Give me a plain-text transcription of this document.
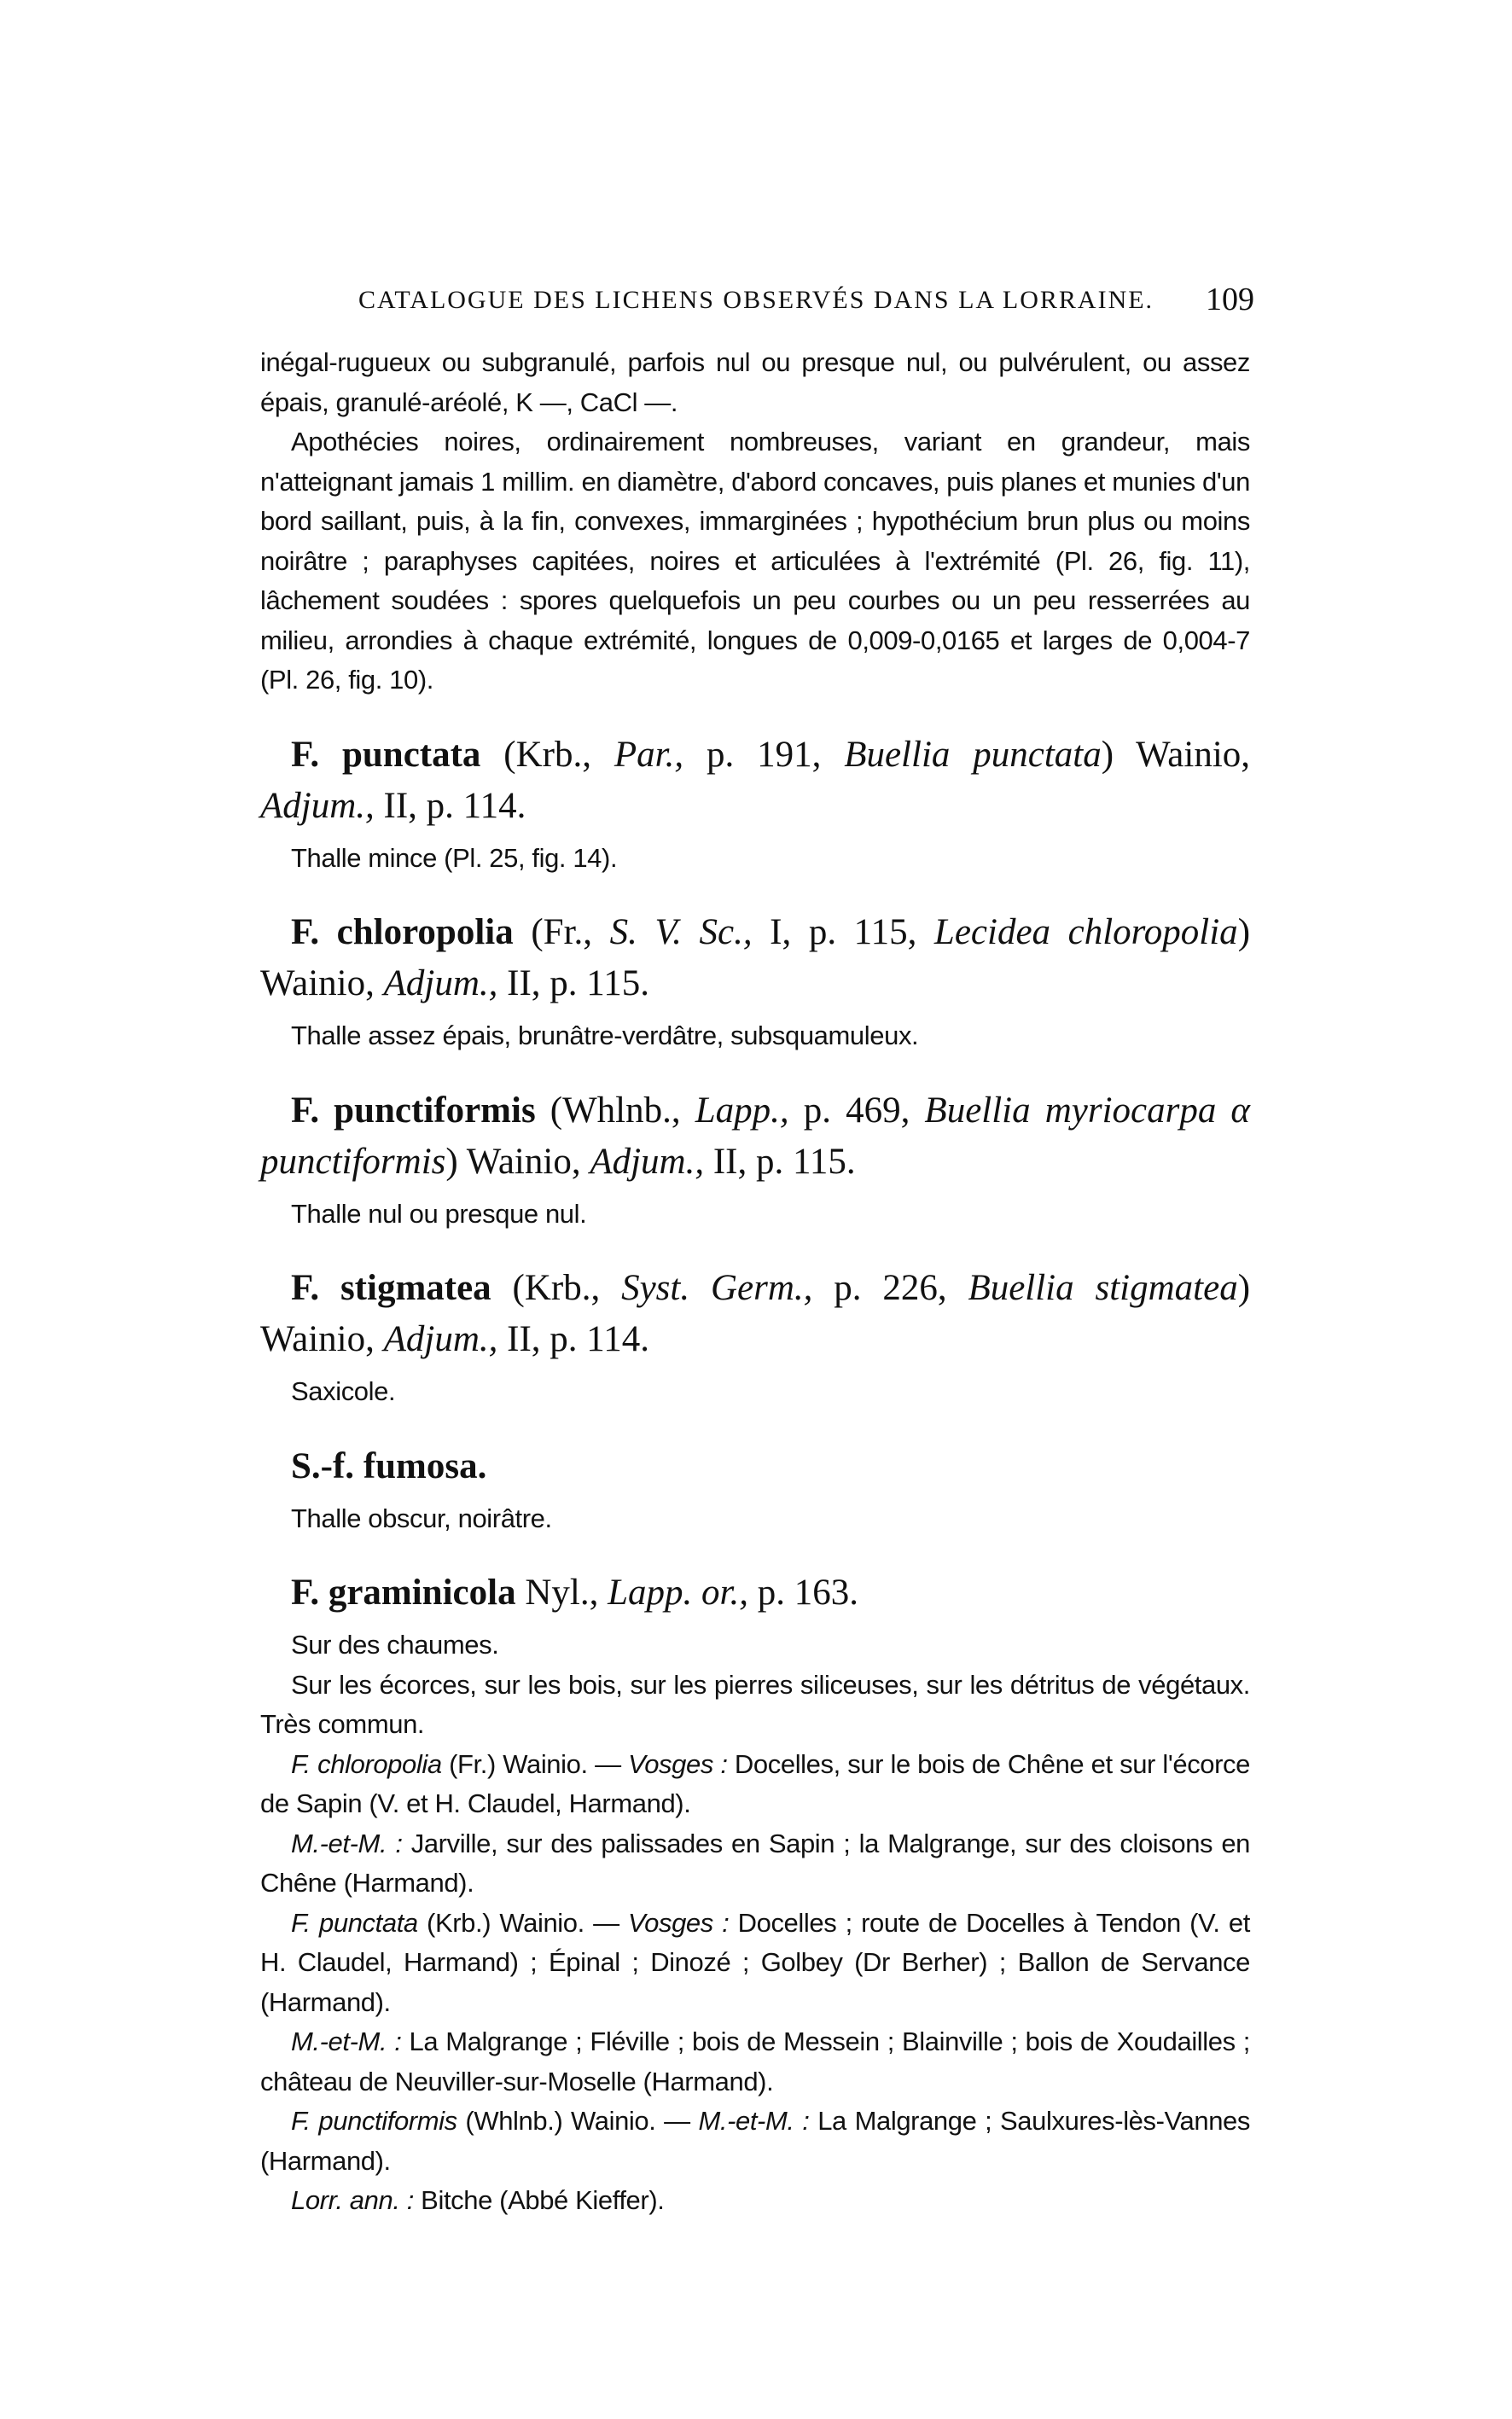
CATALOGUE DES LICHENS OBSERVÉS DANS LA LORRAINE. 109

inégal-rugueux ou subgranulé, parfois nul ou presque nul, ou pulvérulent, ou assez épais, granulé-aréolé, K —, CaCl —.

Apothécies noires, ordinairement nombreuses, variant en grandeur, mais n'atteignant jamais 1 millim. en diamètre, d'abord concaves, puis planes et munies d'un bord saillant, puis, à la fin, convexes, immarginées ; hypothécium brun plus ou moins noirâtre ; paraphyses capitées, noires et articulées à l'extrémité (Pl. 26, fig. 11), lâchement soudées : spores quelquefois un peu courbes ou un peu resserrées au milieu, arrondies à chaque extrémité, longues de 0,009-0,0165 et larges de 0,004-7 (Pl. 26, fig. 10).

F. punctata (Krb., Par., p. 191, Buellia punctata) Wainio, Adjum., II, p. 114.

Thalle mince (Pl. 25, fig. 14).

F. chloropolia (Fr., S. V. Sc., I, p. 115, Lecidea chloropolia) Wainio, Adjum., II, p. 115.

Thalle assez épais, brunâtre-verdâtre, subsquamuleux.

F. punctiformis (Whlnb., Lapp., p. 469, Buellia myriocarpa α punctiformis) Wainio, Adjum., II, p. 115.

Thalle nul ou presque nul.

F. stigmatea (Krb., Syst. Germ., p. 226, Buellia stigmatea) Wainio, Adjum., II, p. 114.

Saxicole.

S.-f. fumosa.

Thalle obscur, noirâtre.

F. graminicola Nyl., Lapp. or., p. 163.

Sur des chaumes.

Sur les écorces, sur les bois, sur les pierres siliceuses, sur les détritus de végétaux. Très commun.

F. chloropolia (Fr.) Wainio. — Vosges : Docelles, sur le bois de Chêne et sur l'écorce de Sapin (V. et H. Claudel, Harmand).

M.-et-M. : Jarville, sur des palissades en Sapin ; la Malgrange, sur des cloisons en Chêne (Harmand).

F. punctata (Krb.) Wainio. — Vosges : Docelles ; route de Docelles à Tendon (V. et H. Claudel, Harmand) ; Épinal ; Dinozé ; Golbey (Dr Berher) ; Ballon de Servance (Harmand).

M.-et-M. : La Malgrange ; Fléville ; bois de Messein ; Blainville ; bois de Xoudailles ; château de Neuviller-sur-Moselle (Harmand).

F. punctiformis (Whlnb.) Wainio. — M.-et-M. : La Malgrange ; Saulxures-lès-Vannes (Harmand).

Lorr. ann. : Bitche (Abbé Kieffer).
